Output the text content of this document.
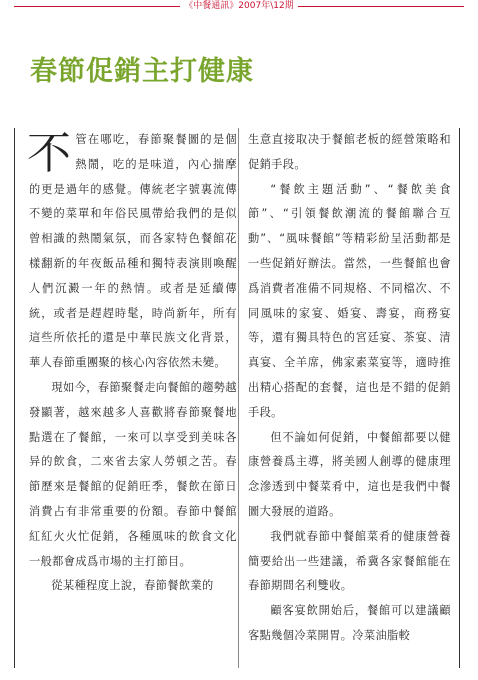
《中餐通訊》2007年\12期
春節促銷主打健康

不管在哪吃，春節聚餐圖的是個熱鬧，吃的是味道，內心揣摩的更是過年的感覺。傳統老字號裏流傳不變的菜單和年俗民風帶給我們的是似曾相識的熱鬧氣氛，而各家特色餐館花樣翻新的年夜飯品種和獨特表演則喚醒人們沉澱一年的熱情。或者是延續傳統，或者是趕趕時髦，時尚新年，所有這些所依托的還是中華民族文化背景，華人春節重團聚的核心內容依然未變。

現如今，春節聚餐走向餐館的趨勢越發顯著，越來越多人喜歡將春節聚餐地點選在了餐館，一來可以享受到美味各异的飲食，二來省去家人勞頓之苦。春節歷來是餐館的促銷旺季，餐飲在節日消費占有非常重要的份額。春節中餐館紅紅火火忙促銷，各種風味的飲食文化一般都會成爲市場的主打節目。

從某種程度上說，春節餐飲業的

生意直接取决于餐館老板的經營策略和促銷手段。

“餐飲主題活動”、“餐飲美食節”、“引領餐飲潮流的餐館聯合互動”、“風味餐館”等精彩紛呈活動都是一些促銷好辦法。當然，一些餐館也會爲消費者准備不同規格、不同檔次、不同風味的家宴、婚宴、壽宴，商務宴等，還有獨具特色的宮廷宴、茶宴、清真宴、全羊席，佛家素菜宴等，適時推出精心搭配的套餐，這也是不錯的促銷手段。

但不論如何促銷，中餐館都要以健康營養爲主導，將美國人創導的健康理念滲透到中餐菜肴中，這也是我們中餐圖大發展的道路。

我們就春節中餐館菜肴的健康營養簡要給出一些建議，希冀各家餐館能在春節期間名利雙收。

顧客宴飲開始后，餐館可以建議顧客點幾個冷菜開胃。冷菜油脂較
